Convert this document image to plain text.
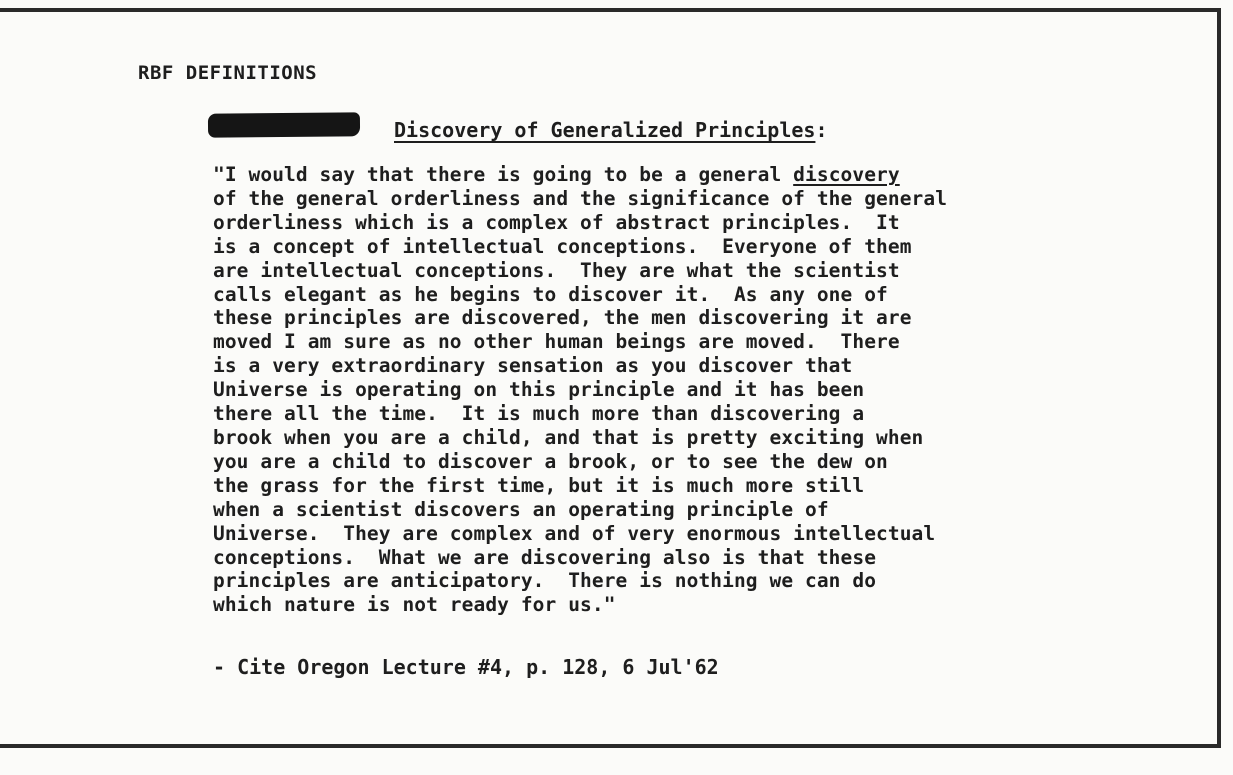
RBF DEFINITIONS
Discovery of Generalized Principles:
"I would say that there is going to be a general discovery
of the general orderliness and the significance of the general
orderliness which is a complex of abstract principles.  It
is a concept of intellectual conceptions.  Everyone of them
are intellectual conceptions.  They are what the scientist
calls elegant as he begins to discover it.  As any one of
these principles are discovered, the men discovering it are
moved I am sure as no other human beings are moved.  There
is a very extraordinary sensation as you discover that
Universe is operating on this principle and it has been
there all the time.  It is much more than discovering a
brook when you are a child, and that is pretty exciting when
you are a child to discover a brook, or to see the dew on
the grass for the first time, but it is much more still
when a scientist discovers an operating principle of
Universe.  They are complex and of very enormous intellectual
conceptions.  What we are discovering also is that these
principles are anticipatory.  There is nothing we can do
which nature is not ready for us."
- Cite Oregon Lecture #4, p. 128, 6 Jul'62
